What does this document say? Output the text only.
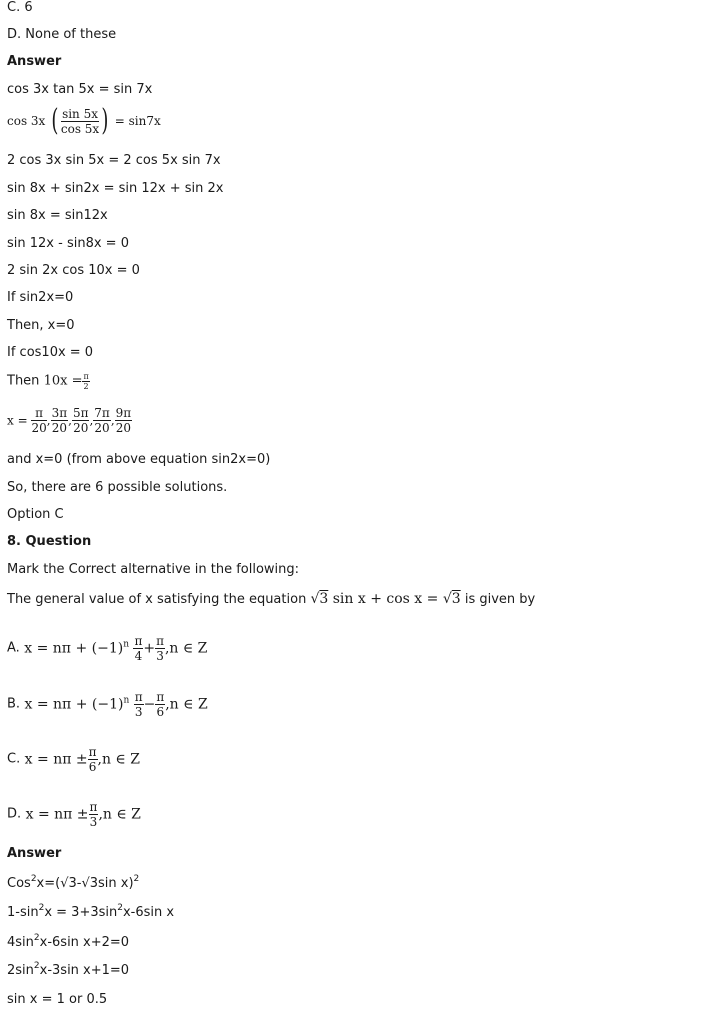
C. 6
D. None of these
Answer
cos 3x tan 5x = sin 7x
cos 3x ( $\frac{\sin 5x}{\cos 5x}$ ) = sin7x
2 cos 3x sin 5x = 2 cos 5x sin 7x
sin 8x + sin2x = sin 12x + sin 2x
sin 8x = sin12x
sin 12x - sin8x = 0
2 sin 2x cos 10x = 0
If sin2x=0
Then, x=0
If cos10x = 0
Then $10x = \frac{\pi}{2}$
$x = \frac{\pi}{20}$ , $\frac{3\pi}{20}$ , $\frac{5\pi}{20}$ , $\frac{7\pi}{20}$ , $\frac{9\pi}{20}$
and x=0 (from above equation sin2x=0)
So, there are 6 possible solutions.
Option C
8. Question
Mark the Correct alternative in the following:
The general value of x satisfying the equation √3 sin x + cos x = √3 is given by
A. $x = n\pi + (-1)^n \frac{\pi}{4} + \frac{\pi}{3} ,n$ ∈ Z
B. $x = n\pi + (-1)^n \frac{\pi}{3} - \frac{\pi}{6} ,n$ ∈ Z
C. $x = n\pi \pm \frac{\pi}{6} ,n$ ∈ Z
D. $x = n\pi \pm \frac{\pi}{3} ,n$ ∈ Z
Answer
Cos$^2$x=(√3-√3sin x)$^2$
$1-\sin^2x = 3+3\sin^2x-6\sin$ x
$4\sin^2x-6\sin$ x+2=0
$2\sin^2x-3\sin$ x+1=0
sin x = 1 or 0.5
